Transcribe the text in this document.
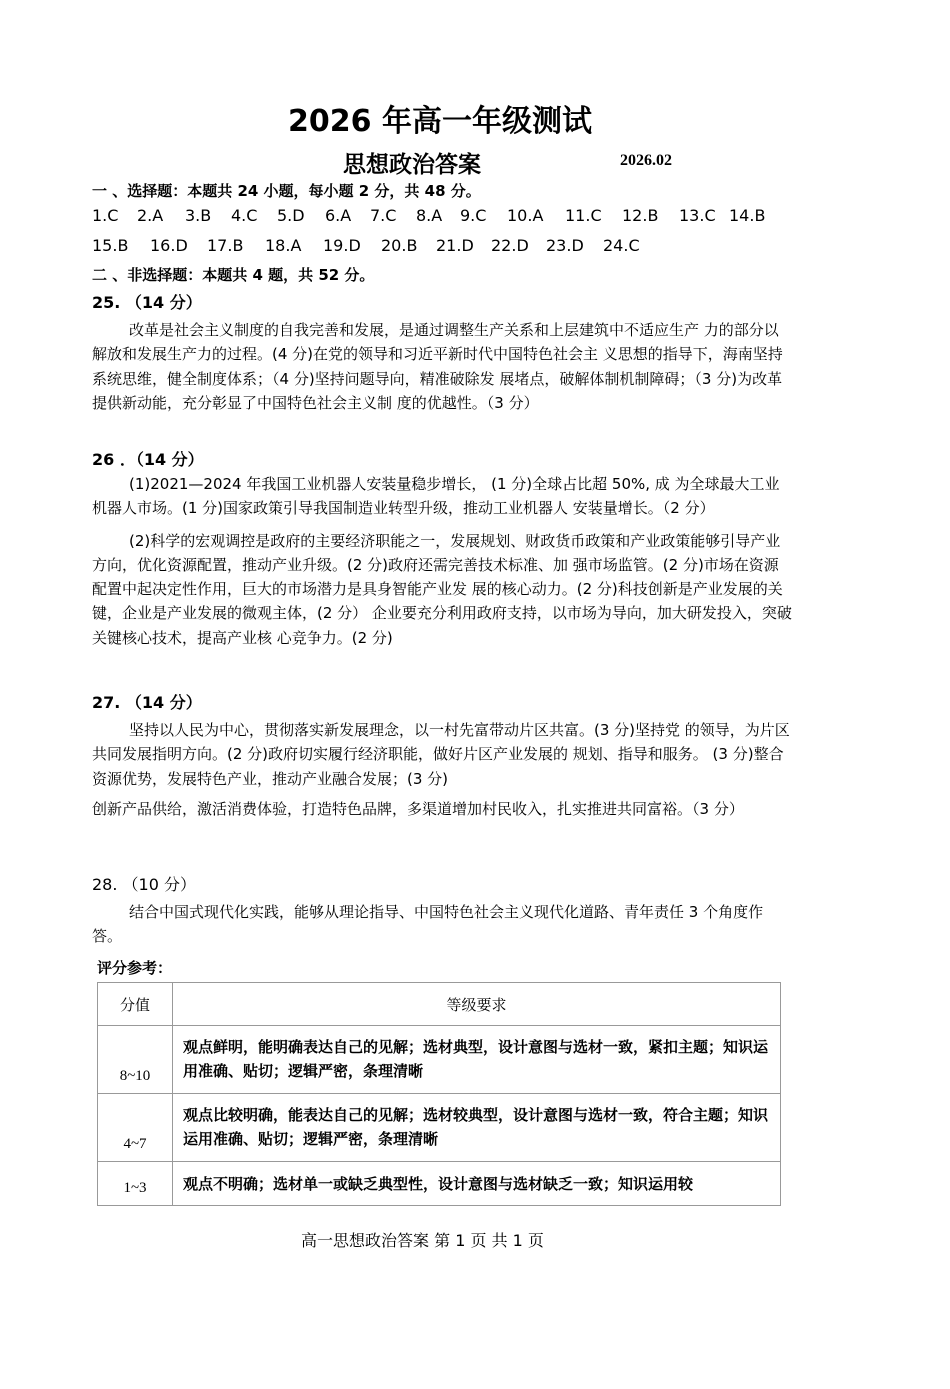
2026 年高一年级测试
思想政治答案	2026.02
一 、选择题：本题共 24 小题，每小题 2 分，共 48 分。
1.C 2.A 3.B 4.C 5.D 6.A 7.C 8.A 9.C 10.A 11.C 12.B 13.C 14.B
15.B 16.D 17.B 18.A 19.D 20.B 21.D 22.D 23.D 24.C
二 、非选择题：本题共 4 题，共 52 分。
25. （14 分）

改革是社会主义制度的自我完善和发展，是通过调整生产关系和上层建筑中不适应生产 力的部分以解放和发展生产力的过程。(4 分)在党的领导和习近平新时代中国特色社会主 义思想的指导下，海南坚持系统思维，健全制度体系；（4 分)坚持问题导向，精准破除发 展堵点，破解体制机制障碍；（3 分)为改革提供新动能，充分彰显了中国特色社会主义制 度的优越性。（3 分）

26 ．（14 分）

(1)2021—2024 年我国工业机器人安装量稳步增长， (1 分)全球占比超 50%, 成 为全球最大工业机器人市场。(1 分)国家政策引导我国制造业转型升级，推动工业机器人 安装量增长。（2 分）

(2)科学的宏观调控是政府的主要经济职能之一，发展规划、财政货币政策和产业政策能够引导产业方向，优化资源配置，推动产业升级。(2 分)政府还需完善技术标准、加 强市场监管。(2 分)市场在资源配置中起决定性作用，巨大的市场潜力是具身智能产业发 展的核心动力。(2 分)科技创新是产业发展的关键，企业是产业发展的微观主体，(2 分） 企业要充分利用政府支持，以市场为导向，加大研发投入，突破关键核心技术，提高产业核 心竞争力。(2 分)

27. （14 分）

坚持以人民为中心，贯彻落实新发展理念，以一村先富带动片区共富。(3 分)坚持党 的领导，为片区共同发展指明方向。(2 分)政府切实履行经济职能，做好片区产业发展的 规划、指导和服务。 (3 分)整合资源优势，发展特色产业，推动产业融合发展；(3 分)

创新产品供给，激活消费体验，打造特色品牌，多渠道增加村民收入，扎实推进共同富裕。（3 分）

28. （10 分）

结合中国式现代化实践，能够从理论指导、中国特色社会主义现代化道路、青年责任 3 个角度作答。

评分参考：
分值	等级要求
8~10	观点鲜明，能明确表达自己的见解；选材典型，设计意图与选材一致，紧扣主题；知识运用准确、贴切；逻辑严密，条理清晰
4~7	观点比较明确，能表达自己的见解；选材较典型，设计意图与选材一致，符合主题；知识运用准确、贴切；逻辑严密，条理清晰
1~3	观点不明确；选材单一或缺乏典型性，设计意图与选材缺乏一致；知识运用较
高一思想政治答案 第 1 页 共 1 页
